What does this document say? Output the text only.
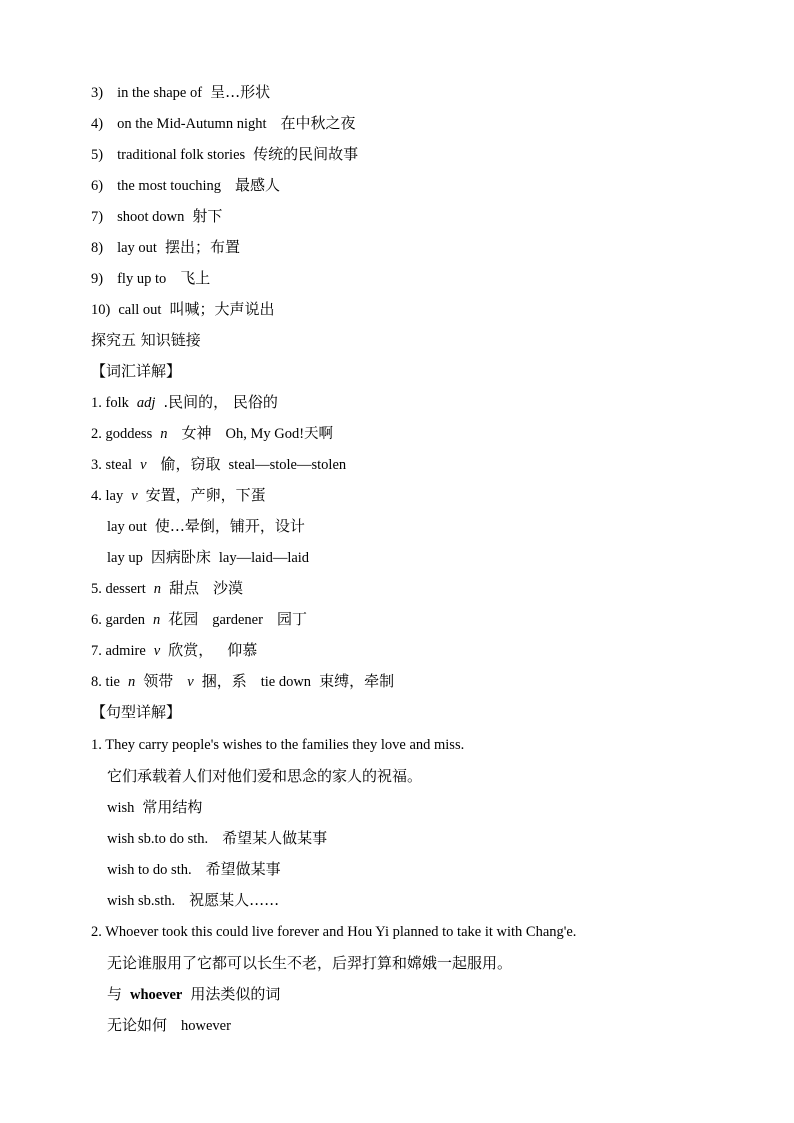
3) in the shape of 呈…形状
4) on the Mid-Autumn night 在中秋之夜
5) traditional folk stories 传统的民间故事
6) the most touching 最感人
7) shoot down 射下
8) lay out 摆出；布置
9) fly up to 飞上
10) call out 叫喊；大声说出
探究五 知识链接
【词汇详解】
1. folk adj .民间的， 民俗的
2. goddess n 女神 Oh, My God!天啊
3. steal v 偷，窃取 steal—stole—stolen
4. lay v 安置，产卵，下蛋
lay out 使…晕倒，铺开，设计
lay up 因病卧床 lay—laid—laid
5. dessert n 甜点 沙漠
6. garden n 花园 gardener 园丁
7. admire v 欣赏， 仰慕
8. tie n 领带 v 捆，系 tie down 束缚，牵制
【句型详解】
1. They carry people's wishes to the families they love and miss.
它们承载着人们对他们爱和思念的家人的祝福。
wish 常用结构
wish sb.to do sth. 希望某人做某事
wish to do sth. 希望做某事
wish sb.sth. 祝愿某人……
2. Whoever took this could live forever and Hou Yi planned to take it with Chang'e.
无论谁服用了它都可以长生不老，后羿打算和嫦娥一起服用。
与 whoever 用法类似的词
无论如何 however
